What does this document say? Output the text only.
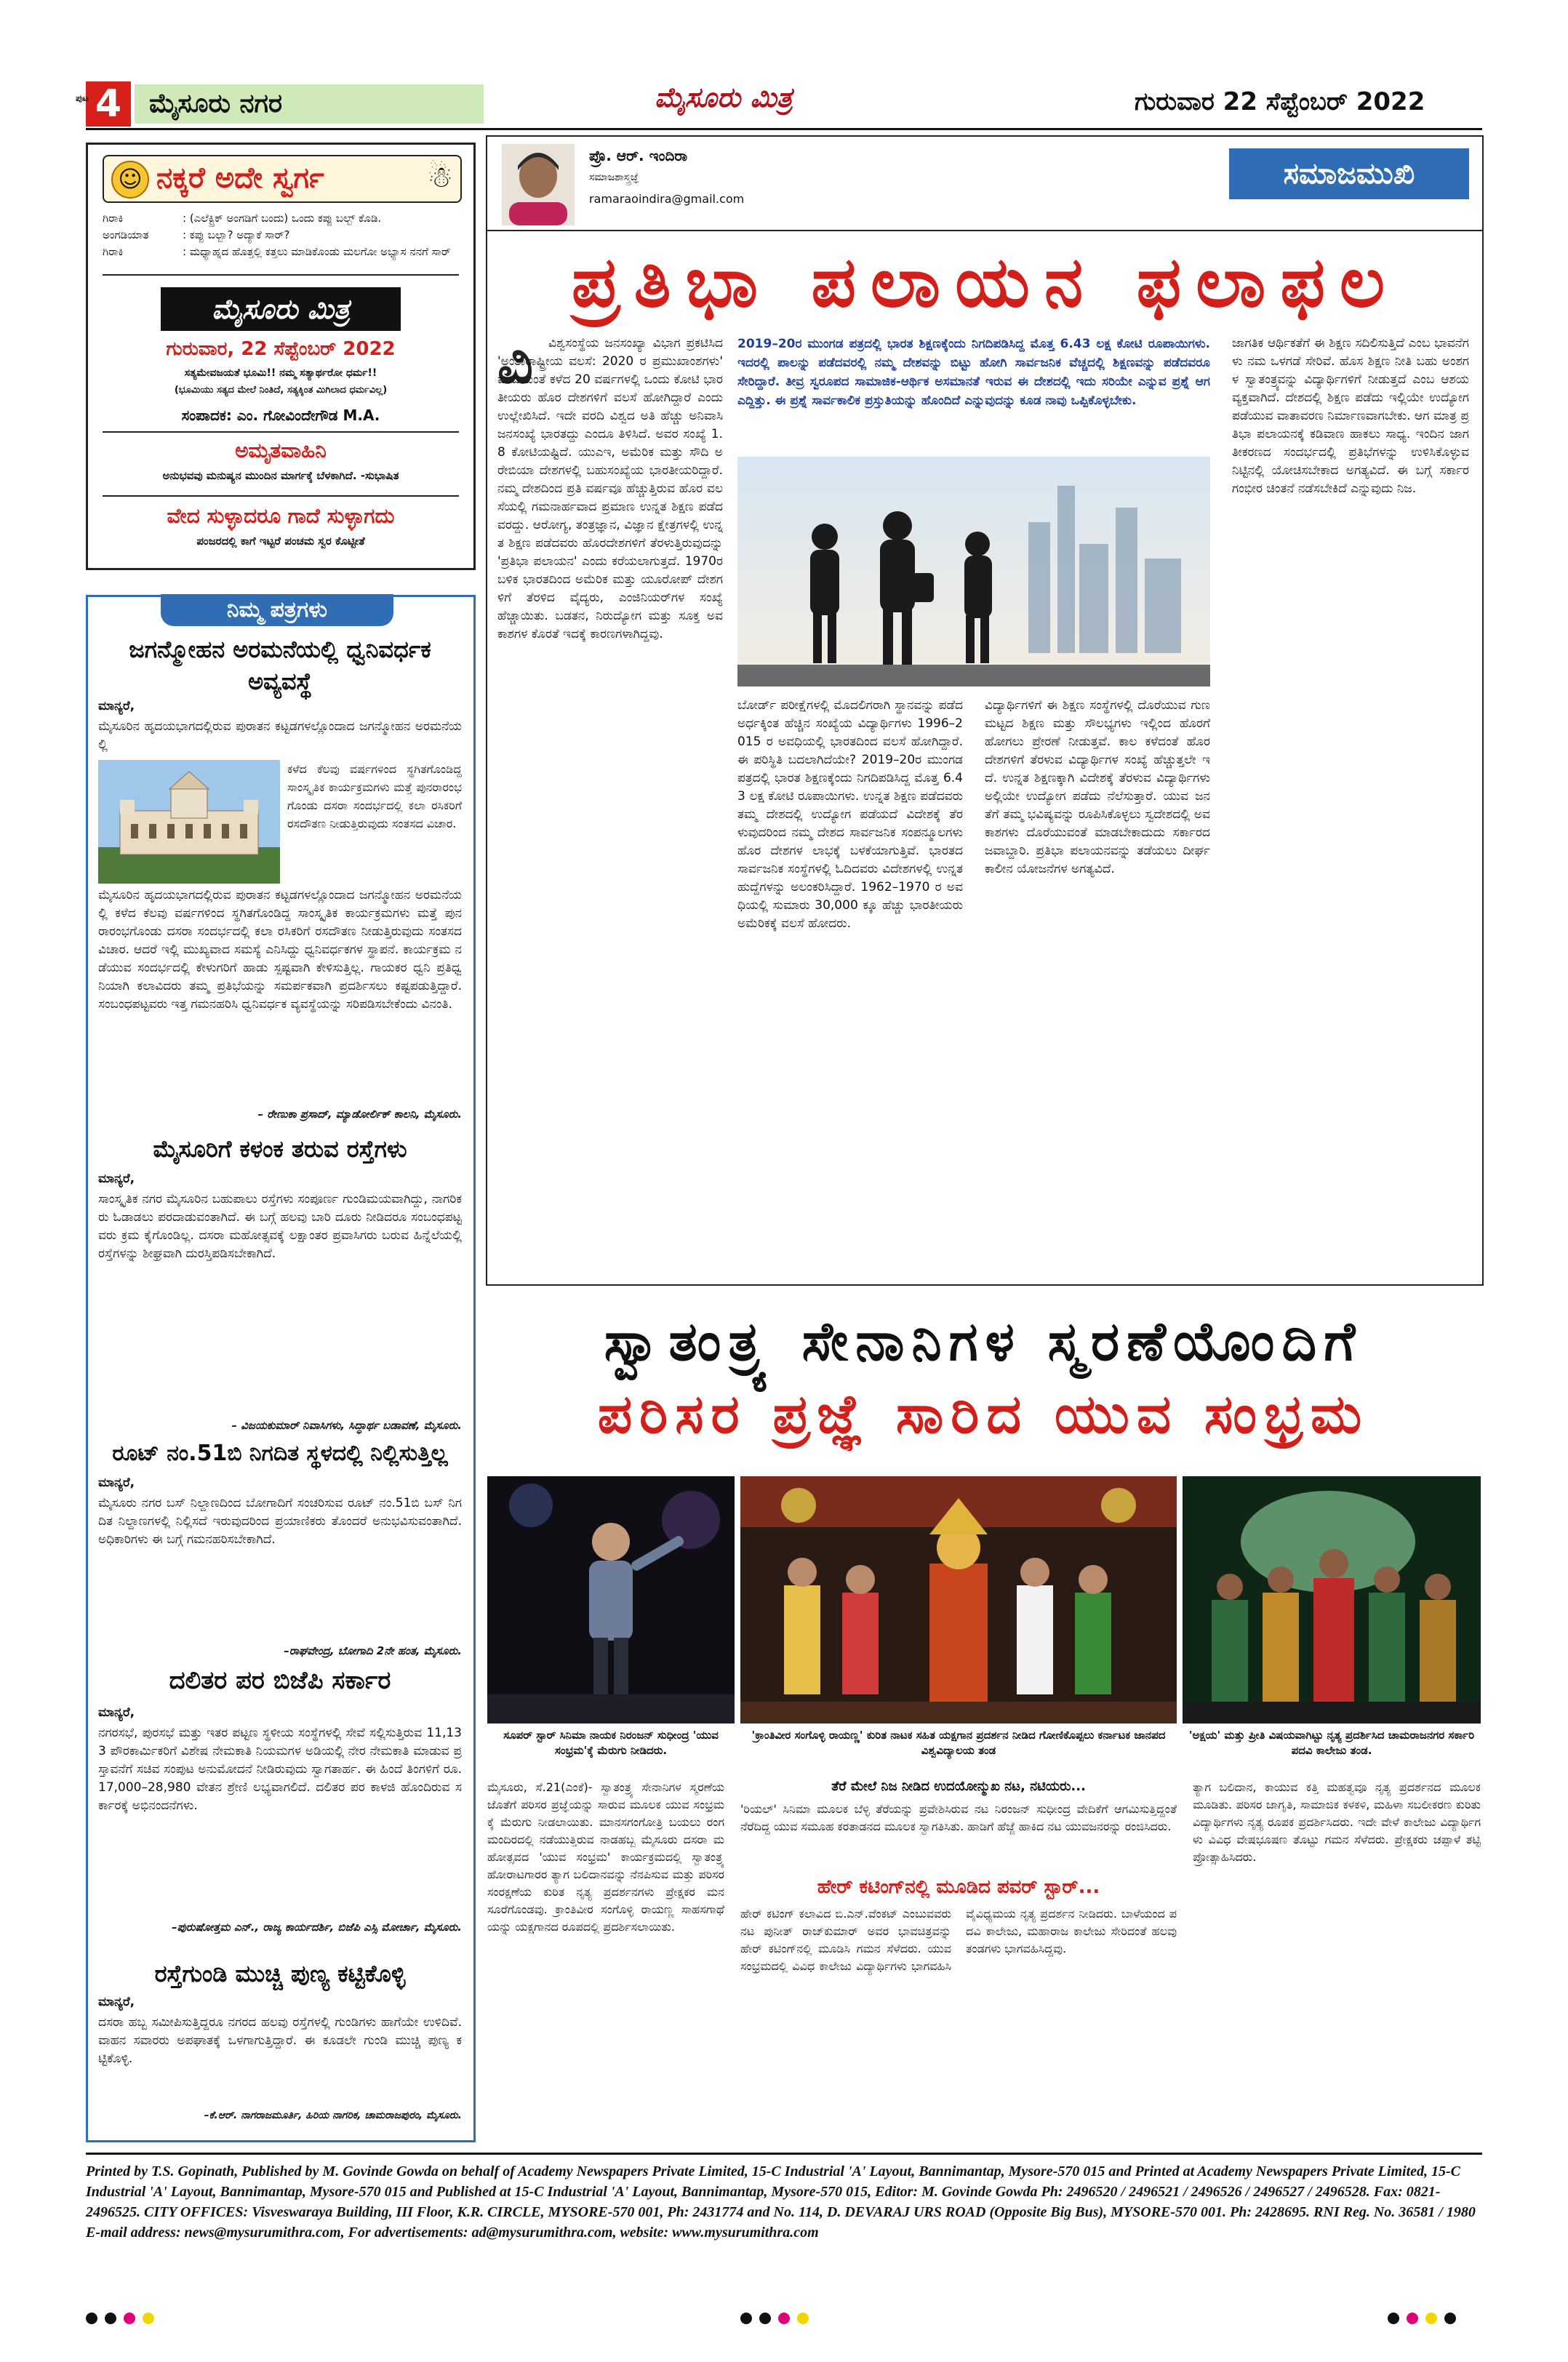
ಪುಟ 4	ಮೈಸೂರು ನಗರ	ಮೈಸೂರು ಮಿತ್ರ	ಗುರುವಾರ 22 ಸೆಪ್ಟೆಂಬರ್ 2022
☺ ನಕ್ಕರೆ ಅದೇ ಸ್ವರ್ಗ	☃
ಗಿರಾಕಿ	: (ಎಲೆಕ್ಟ್ರಿಕ್ ಅಂಗಡಿಗೆ ಬಂದು) ಒಂದು ಕಪ್ಪು ಬಲ್ಬ್ ಕೊಡಿ.
ಅಂಗಡಿಯಾತ	: ಕಪ್ಪು ಬಲ್ಬಾ? ಅದ್ಯಾಕೆ ಸಾರ್?
ಗಿರಾಕಿ	: ಮಧ್ಯಾಹ್ನದ ಹೊತ್ತಲ್ಲಿ ಕತ್ತಲು ಮಾಡಿಕೊಂಡು ಮಲಗೋ ಅಭ್ಯಾಸ ನನಗೆ ಸಾರ್
ಮೈಸೂರು ಮಿತ್ರ
ಗುರುವಾರ, 22 ಸೆಪ್ಟೆಂಬರ್ 2022
ಸತ್ಯಮೇವಜಯತೆ ಭೂಮಿ!! ನಮ್ಮ ಸತ್ಯಾರ್ಥರೋ ಧರ್ಮ!!
(ಭೂಮಿಯು ಸತ್ಯದ ಮೇಲೆ ನಿಂತಿದೆ, ಸತ್ಯಕ್ಕಿಂತ ಮಿಗಿಲಾದ ಧರ್ಮವಿಲ್ಲ)
ಸಂಪಾದಕ: ಎಂ. ಗೋವಿಂದೇಗೌಡ M.A.
ಅಮೃತವಾಹಿನಿ
ಅನುಭವವು ಮನುಷ್ಯನ ಮುಂದಿನ ಮಾರ್ಗಕ್ಕೆ ಬೆಳಕಾಗಿದೆ. -ಸುಭಾಷಿತ
ವೇದ ಸುಳ್ಳಾದರೂ ಗಾದೆ ಸುಳ್ಳಾಗದು
ಪಂಜರದಲ್ಲಿ ಕಾಗೆ ಇಟ್ಟರೆ ಪಂಚಮ ಸ್ವರ ಕೊಟ್ಟೀತೆ
ನಿಮ್ಮ ಪತ್ರಗಳು
ಜಗನ್ಮೋಹನ ಅರಮನೆಯಲ್ಲಿ ಧ್ವನಿವರ್ಧಕ ಅವ್ಯವಸ್ಥೆ
ಮಾನ್ಯರೆ,
ಮೈಸೂರಿನ ಹೃದಯಭಾಗದಲ್ಲಿರುವ ಪುರಾತನ ಕಟ್ಟಡಗಳಲ್ಲೊಂದಾದ ಜಗನ್ಮೋಹನ ಅರಮನೆಯಲ್ಲಿ
ಕಳೆದ ಕೆಲವು ವರ್ಷಗಳಿಂದ ಸ್ಥಗಿತಗೊಂಡಿದ್ದ ಸಾಂಸ್ಕೃತಿಕ ಕಾರ್ಯಕ್ರಮಗಳು ಮತ್ತೆ ಪುನರಾರಂಭಗೊಂಡು ದಸರಾ ಸಂದರ್ಭದಲ್ಲಿ ಕಲಾ ರಸಿಕರಿಗೆ ರಸದೌತಣ ನೀಡುತ್ತಿರುವುದು ಸಂತಸದ ವಿಚಾರ.
ಮೈಸೂರಿನ ಹೃದಯಭಾಗದಲ್ಲಿರುವ ಪುರಾತನ ಕಟ್ಟಡಗಳಲ್ಲೊಂದಾದ ಜಗನ್ಮೋಹನ ಅರಮನೆಯಲ್ಲಿ ಕಳೆದ ಕೆಲವು ವರ್ಷಗಳಿಂದ ಸ್ಥಗಿತಗೊಂಡಿದ್ದ ಸಾಂಸ್ಕೃತಿಕ ಕಾರ್ಯಕ್ರಮಗಳು ಮತ್ತೆ ಪುನರಾರಂಭಗೊಂಡು ದಸರಾ ಸಂದರ್ಭದಲ್ಲಿ ಕಲಾ ರಸಿಕರಿಗೆ ರಸದೌತಣ ನೀಡುತ್ತಿರುವುದು ಸಂತಸದ ವಿಚಾರ. ಆದರೆ ಇಲ್ಲಿ ಮುಖ್ಯವಾದ ಸಮಸ್ಯೆ ಎನಿಸಿದ್ದು ಧ್ವನಿವರ್ಧಕಗಳ ಸ್ಥಾಪನೆ. ಕಾರ್ಯಕ್ರಮ ನಡೆಯುವ ಸಂದರ್ಭದಲ್ಲಿ ಕೇಳುಗರಿಗೆ ಹಾಡು ಸ್ಪಷ್ಟವಾಗಿ ಕೇಳಿಸುತ್ತಿಲ್ಲ. ಗಾಯಕರ ಧ್ವನಿ ಪ್ರತಿಧ್ವನಿಯಾಗಿ ಕಲಾವಿದರು ತಮ್ಮ ಪ್ರತಿಭೆಯನ್ನು ಸಮರ್ಪಕವಾಗಿ ಪ್ರದರ್ಶಿಸಲು ಕಷ್ಟಪಡುತ್ತಿದ್ದಾರೆ. ಸಂಬಂಧಪಟ್ಟವರು ಇತ್ತ ಗಮನಹರಿಸಿ ಧ್ವನಿವರ್ಧಕ ವ್ಯವಸ್ಥೆಯನ್ನು ಸರಿಪಡಿಸಬೇಕೆಂದು ವಿನಂತಿ.
– ರೇಣುಕಾ ಪ್ರಸಾದ್, ಮ್ಯಾಡೋರ್ಲಿಕ್ ಕಾಲನಿ, ಮೈಸೂರು.
ಮೈಸೂರಿಗೆ ಕಳಂಕ ತರುವ ರಸ್ತೆಗಳು
ಮಾನ್ಯರೆ,
ಸಾಂಸ್ಕೃತಿಕ ನಗರ ಮೈಸೂರಿನ ಬಹುಪಾಲು ರಸ್ತೆಗಳು ಸಂಪೂರ್ಣ ಗುಂಡಿಮಯವಾಗಿದ್ದು, ನಾಗರಿಕರು ಓಡಾಡಲು ಪರದಾಡುವಂತಾಗಿದೆ. ಈ ಬಗ್ಗೆ ಹಲವು ಬಾರಿ ದೂರು ನೀಡಿದರೂ ಸಂಬಂಧಪಟ್ಟವರು ಕ್ರಮ ಕೈಗೊಂಡಿಲ್ಲ. ದಸರಾ ಮಹೋತ್ಸವಕ್ಕೆ ಲಕ್ಷಾಂತರ ಪ್ರವಾಸಿಗರು ಬರುವ ಹಿನ್ನೆಲೆಯಲ್ಲಿ ರಸ್ತೆಗಳನ್ನು ಶೀಘ್ರವಾಗಿ ದುರಸ್ತಿಪಡಿಸಬೇಕಾಗಿದೆ.
– ವಿಜಯಕುಮಾರ್ ನಿವಾಸಿಗಳು, ಸಿದ್ಧಾರ್ಥ ಬಡಾವಣೆ, ಮೈಸೂರು.
ರೂಟ್ ನಂ.51ಬಿ ನಿಗದಿತ ಸ್ಥಳದಲ್ಲಿ ನಿಲ್ಲಿಸುತ್ತಿಲ್ಲ
ಮಾನ್ಯರೆ,
ಮೈಸೂರು ನಗರ ಬಸ್ ನಿಲ್ದಾಣದಿಂದ ಬೋಗಾದಿಗೆ ಸಂಚರಿಸುವ ರೂಟ್ ನಂ.51ಬಿ ಬಸ್ ನಿಗದಿತ ನಿಲ್ದಾಣಗಳಲ್ಲಿ ನಿಲ್ಲಿಸದೆ ಇರುವುದರಿಂದ ಪ್ರಯಾಣಿಕರು ತೊಂದರೆ ಅನುಭವಿಸುವಂತಾಗಿದೆ. ಅಧಿಕಾರಿಗಳು ಈ ಬಗ್ಗೆ ಗಮನಹರಿಸಬೇಕಾಗಿದೆ.
–ರಾಘವೇಂದ್ರ, ಬೋಗಾದಿ 2ನೇ ಹಂತ, ಮೈಸೂರು.
ದಲಿತರ ಪರ ಬಿಜೆಪಿ ಸರ್ಕಾರ
ಮಾನ್ಯರೆ,
ನಗರಸಭೆ, ಪುರಸಭೆ ಮತ್ತು ಇತರ ಪಟ್ಟಣ ಸ್ಥಳೀಯ ಸಂಸ್ಥೆಗಳಲ್ಲಿ ಸೇವೆ ಸಲ್ಲಿಸುತ್ತಿರುವ 11,133 ಪೌರಕಾರ್ಮಿಕರಿಗೆ ವಿಶೇಷ ನೇಮಕಾತಿ ನಿಯಮಗಳ ಅಡಿಯಲ್ಲಿ ನೇರ ನೇಮಕಾತಿ ಮಾಡುವ ಪ್ರಸ್ತಾವನೆಗೆ ಸಚಿವ ಸಂಪುಟ ಅನುಮೋದನೆ ನೀಡಿರುವುದು ಸ್ವಾಗತಾರ್ಹ. ಈ ಹಿಂದೆ ತಿಂಗಳಿಗೆ ರೂ.17,000–28,980 ವೇತನ ಶ್ರೇಣಿ ಲಭ್ಯವಾಗಲಿದೆ. ದಲಿತರ ಪರ ಕಾಳಜಿ ಹೊಂದಿರುವ ಸರ್ಕಾರಕ್ಕೆ ಅಭಿನಂದನೆಗಳು.
–ಪುರುಷೋತ್ತಮ ಎನ್., ರಾಜ್ಯ ಕಾರ್ಯದರ್ಶಿ, ಬಿಜೆಪಿ ಎಸ್ಸಿ ಮೋರ್ಚಾ, ಮೈಸೂರು.
ರಸ್ತೆಗುಂಡಿ ಮುಚ್ಚಿ ಪುಣ್ಯ ಕಟ್ಟಿಕೊಳ್ಳಿ
ಮಾನ್ಯರೆ,
ದಸರಾ ಹಬ್ಬ ಸಮೀಪಿಸುತ್ತಿದ್ದರೂ ನಗರದ ಹಲವು ರಸ್ತೆಗಳಲ್ಲಿ ಗುಂಡಿಗಳು ಹಾಗೆಯೇ ಉಳಿದಿವೆ. ವಾಹನ ಸವಾರರು ಅಪಘಾತಕ್ಕೆ ಒಳಗಾಗುತ್ತಿದ್ದಾರೆ. ಈ ಕೂಡಲೇ ಗುಂಡಿ ಮುಚ್ಚಿ ಪುಣ್ಯ ಕಟ್ಟಿಕೊಳ್ಳಿ.
–ಕೆ.ಆರ್. ನಾಗರಾಜಮೂರ್ತಿ, ಹಿರಿಯ ನಾಗರಿಕ, ಚಾಮರಾಜಪುರಂ, ಮೈಸೂರು.
ಪ್ರೊ. ಆರ್. ಇಂದಿರಾ
ಸಮಾಜಶಾಸ್ತ್ರಜ್ಞೆ
ramaraoindira@gmail.com
ಸಮಾಜಮುಖಿ
ಪ್ರತಿಭಾ ಪಲಾಯನ ಫಲಾಫಲ
ವಿ	ವಿಶ್ವಸಂಸ್ಥೆಯ ಜನಸಂಖ್ಯಾ ವಿಭಾಗ ಪ್ರಕಟಿಸಿದ 'ಅಂತಾರಾಷ್ಟ್ರೀಯ ವಲಸೆ: 2020 ರ ಪ್ರಮುಖಾಂಶಗಳು' ವರದಿಯಂತೆ ಕಳೆದ 20 ವರ್ಷಗಳಲ್ಲಿ ಒಂದು ಕೋಟಿ ಭಾರತೀಯರು ಹೊರ ದೇಶಗಳಿಗೆ ವಲಸೆ ಹೋಗಿದ್ದಾರೆ ಎಂದು ಉಲ್ಲೇಖಿಸಿದೆ. ಇದೇ ವರದಿ ವಿಶ್ವದ ಅತಿ ಹೆಚ್ಚು ಅನಿವಾಸಿ ಜನಸಂಖ್ಯೆ ಭಾರತದ್ದು ಎಂದೂ ತಿಳಿಸಿದೆ. ಅವರ ಸಂಖ್ಯೆ 1.8 ಕೋಟಿಯಷ್ಟಿದೆ. ಯುಎಇ, ಅಮೆರಿಕ ಮತ್ತು ಸೌದಿ ಅರೇಬಿಯಾ ದೇಶಗಳಲ್ಲಿ ಬಹುಸಂಖ್ಯೆಯ ಭಾರತೀಯರಿದ್ದಾರೆ. ನಮ್ಮ ದೇಶದಿಂದ ಪ್ರತಿ ವರ್ಷವೂ ಹೆಚ್ಚುತ್ತಿರುವ ಹೊರ ವಲಸೆಯಲ್ಲಿ ಗಮನಾರ್ಹವಾದ ಪ್ರಮಾಣ ಉನ್ನತ ಶಿಕ್ಷಣ ಪಡೆದವರದ್ದು. ಆರೋಗ್ಯ, ತಂತ್ರಜ್ಞಾನ, ವಿಜ್ಞಾನ ಕ್ಷೇತ್ರಗಳಲ್ಲಿ ಉನ್ನತ ಶಿಕ್ಷಣ ಪಡೆದವರು ಹೊರದೇಶಗಳಿಗೆ ತೆರಳುತ್ತಿರುವುದನ್ನು 'ಪ್ರತಿಭಾ ಪಲಾಯನ' ಎಂದು ಕರೆಯಲಾಗುತ್ತದೆ. 1970ರ ಬಳಿಕ ಭಾರತದಿಂದ ಅಮೆರಿಕ ಮತ್ತು ಯೂರೋಪ್ ದೇಶಗಳಿಗೆ ತೆರಳಿದ ವೈದ್ಯರು, ಎಂಜಿನಿಯರ್‌ಗಳ ಸಂಖ್ಯೆ ಹೆಚ್ಚಾಯಿತು. ಬಡತನ, ನಿರುದ್ಯೋಗ ಮತ್ತು ಸೂಕ್ತ ಅವಕಾಶಗಳ ಕೊರತೆ ಇದಕ್ಕೆ ಕಾರಣಗಳಾಗಿದ್ದವು.
2019–20ರ ಮುಂಗಡ ಪತ್ರದಲ್ಲಿ ಭಾರತ ಶಿಕ್ಷಣಕ್ಕೆಂದು ನಿಗದಿಪಡಿಸಿದ್ದ ಮೊತ್ತ 6.43 ಲಕ್ಷ ಕೋಟಿ ರೂಪಾಯಿಗಳು. ಇದರಲ್ಲಿ ಪಾಲನ್ನು ಪಡೆದವರಲ್ಲಿ ನಮ್ಮ ದೇಶವನ್ನು ಬಿಟ್ಟು ಹೋಗಿ ಸಾರ್ವಜನಿಕ ವೆಚ್ಚದಲ್ಲಿ ಶಿಕ್ಷಣವನ್ನು ಪಡೆದವರೂ ಸೇರಿದ್ದಾರೆ. ತೀವ್ರ ಸ್ವರೂಪದ ಸಾಮಾಜಿಕ-ಆರ್ಥಿಕ ಅಸಮಾನತೆ ಇರುವ ಈ ದೇಶದಲ್ಲಿ ಇದು ಸರಿಯೇ ಎನ್ನುವ ಪ್ರಶ್ನೆ ಆಗ ಎದ್ದಿತ್ತು. ಈ ಪ್ರಶ್ನೆ ಸಾರ್ವಕಾಲಿಕ ಪ್ರಸ್ತುತಿಯನ್ನು ಹೊಂದಿದೆ ಎನ್ನುವುದನ್ನು ಕೂಡ ನಾವು ಒಪ್ಪಿಕೊಳ್ಳಬೇಕು.
ಬೋರ್ಡ್ ಪರೀಕ್ಷೆಗಳಲ್ಲಿ ಮೊದಲಿಗರಾಗಿ ಸ್ಥಾನವನ್ನು ಪಡೆದ ಅರ್ಧಕ್ಕಿಂತ ಹೆಚ್ಚಿನ ಸಂಖ್ಯೆಯ ವಿದ್ಯಾರ್ಥಿಗಳು 1996–2015 ರ ಅವಧಿಯಲ್ಲಿ ಭಾರತದಿಂದ ವಲಸೆ ಹೋಗಿದ್ದಾರೆ. ಈ ಪರಿಸ್ಥಿತಿ ಬದಲಾಗಿದೆಯೇ? 2019–20ರ ಮುಂಗಡಪತ್ರದಲ್ಲಿ ಭಾರತ ಶಿಕ್ಷಣಕ್ಕೆಂದು ನಿಗದಿಪಡಿಸಿದ್ದ ಮೊತ್ತ 6.43 ಲಕ್ಷ ಕೋಟಿ ರೂಪಾಯಿಗಳು. ಉನ್ನತ ಶಿಕ್ಷಣ ಪಡೆದವರು ತಮ್ಮ ದೇಶದಲ್ಲಿ ಉದ್ಯೋಗ ಪಡೆಯದೆ ವಿದೇಶಕ್ಕೆ ತೆರಳುವುದರಿಂದ ನಮ್ಮ ದೇಶದ ಸಾರ್ವಜನಿಕ ಸಂಪನ್ಮೂಲಗಳು ಹೊರ ದೇಶಗಳ ಲಾಭಕ್ಕೆ ಬಳಕೆಯಾಗುತ್ತಿವೆ. ಭಾರತದ ಸಾರ್ವಜನಿಕ ಸಂಸ್ಥೆಗಳಲ್ಲಿ ಓದಿದವರು ವಿದೇಶಗಳಲ್ಲಿ ಉನ್ನತ ಹುದ್ದೆಗಳನ್ನು ಅಲಂಕರಿಸಿದ್ದಾರೆ. 1962–1970 ರ ಅವಧಿಯಲ್ಲಿ ಸುಮಾರು 30,000 ಕ್ಕೂ ಹೆಚ್ಚು ಭಾರತೀಯರು ಅಮೆರಿಕಕ್ಕೆ ವಲಸೆ ಹೋದರು.
ವಿದ್ಯಾರ್ಥಿಗಳಿಗೆ ಈ ಶಿಕ್ಷಣ ಸಂಸ್ಥೆಗಳಲ್ಲಿ ದೊರೆಯುವ ಗುಣಮಟ್ಟದ ಶಿಕ್ಷಣ ಮತ್ತು ಸೌಲಭ್ಯಗಳು ಇಲ್ಲಿಂದ ಹೊರಗೆ ಹೋಗಲು ಪ್ರೇರಣೆ ನೀಡುತ್ತವೆ. ಕಾಲ ಕಳೆದಂತೆ ಹೊರ ದೇಶಗಳಿಗೆ ತೆರಳುವ ವಿದ್ಯಾರ್ಥಿಗಳ ಸಂಖ್ಯೆ ಹೆಚ್ಚುತ್ತಲೇ ಇದೆ. ಉನ್ನತ ಶಿಕ್ಷಣಕ್ಕಾಗಿ ವಿದೇಶಕ್ಕೆ ತೆರಳುವ ವಿದ್ಯಾರ್ಥಿಗಳು ಅಲ್ಲಿಯೇ ಉದ್ಯೋಗ ಪಡೆದು ನೆಲೆಸುತ್ತಾರೆ. ಯುವ ಜನತೆಗೆ ತಮ್ಮ ಭವಿಷ್ಯವನ್ನು ರೂಪಿಸಿಕೊಳ್ಳಲು ಸ್ವದೇಶದಲ್ಲಿ ಅವಕಾಶಗಳು ದೊರೆಯುವಂತೆ ಮಾಡಬೇಕಾದುದು ಸರ್ಕಾರದ ಜವಾಬ್ದಾರಿ. ಪ್ರತಿಭಾ ಪಲಾಯನವನ್ನು ತಡೆಯಲು ದೀರ್ಘಕಾಲೀನ ಯೋಜನೆಗಳ ಅಗತ್ಯವಿದೆ.
ಜಾಗತಿಕ ಆರ್ಥಿಕತೆಗೆ ಈ ಶಿಕ್ಷಣ ಸದಿಲಿಸುತ್ತಿದೆ ಎಂಬ ಭಾವನೆಗಳು ನಮ ಒಳಗಡೆ ಸೇರಿವೆ. ಹೊಸ ಶಿಕ್ಷಣ ನೀತಿ ಬಹು ಅಂಶಗಳ ಸ್ವಾತಂತ್ರ್ಯವನ್ನು ವಿದ್ಯಾರ್ಥಿಗಳಿಗೆ ನೀಡುತ್ತದೆ ಎಂಬ ಆಶಯ ವ್ಯಕ್ತವಾಗಿದೆ. ದೇಶದಲ್ಲಿ ಶಿಕ್ಷಣ ಪಡೆದು ಇಲ್ಲಿಯೇ ಉದ್ಯೋಗ ಪಡೆಯುವ ವಾತಾವರಣ ನಿರ್ಮಾಣವಾಗಬೇಕು. ಆಗ ಮಾತ್ರ ಪ್ರತಿಭಾ ಪಲಾಯನಕ್ಕೆ ಕಡಿವಾಣ ಹಾಕಲು ಸಾಧ್ಯ. ಇಂದಿನ ಜಾಗತೀಕರಣದ ಸಂದರ್ಭದಲ್ಲಿ ಪ್ರತಿಭೆಗಳನ್ನು ಉಳಿಸಿಕೊಳ್ಳುವ ನಿಟ್ಟಿನಲ್ಲಿ ಯೋಚಿಸಬೇಕಾದ ಅಗತ್ಯವಿದೆ. ಈ ಬಗ್ಗೆ ಸರ್ಕಾರ ಗಂಭೀರ ಚಿಂತನೆ ನಡೆಸಬೇಕಿದೆ ಎನ್ನುವುದು ನಿಜ.
ಸ್ವಾತಂತ್ರ್ಯ ಸೇನಾನಿಗಳ ಸ್ಮರಣೆಯೊಂದಿಗೆ
ಪರಿಸರ ಪ್ರಜ್ಞೆ ಸಾರಿದ ಯುವ ಸಂಭ್ರಮ
ಸೂಪರ್ ಸ್ಟಾರ್ ಸಿನಿಮಾ ನಾಯಕ ನಿರಂಜನ್ ಸುಧೀಂದ್ರ 'ಯುವ ಸಂಭ್ರಮ'ಕ್ಕೆ ಮೆರುಗು ನೀಡಿದರು.
'ಕ್ರಾಂತಿವೀರ ಸಂಗೊಳ್ಳಿ ರಾಯಣ್ಣ' ಕುರಿತ ನಾಟಕ ಸಹಿತ ಯಕ್ಷಗಾನ ಪ್ರದರ್ಶನ ನೀಡಿದ ಗೋಣಿಕೊಪ್ಪಲು ಕರ್ನಾಟಕ ಜಾನಪದ ವಿಶ್ವವಿದ್ಯಾಲಯ ತಂಡ
'ಅಕ್ಷಯ' ಮತ್ತು ಪ್ರೀತಿ ವಿಷಯವಾಗಿಟ್ಟು ನೃತ್ಯ ಪ್ರದರ್ಶಿಸಿದ ಚಾಮರಾಜನಗರ ಸರ್ಕಾರಿ ಪದವಿ ಕಾಲೇಜು ತಂಡ.
ಮೈಸೂರು, ಸೆ.21(ಎಂಕೆ)- ಸ್ವಾತಂತ್ರ್ಯ ಸೇನಾನಿಗಳ ಸ್ಮರಣೆಯ ಜೊತೆಗೆ ಪರಿಸರ ಪ್ರಜ್ಞೆಯನ್ನು ಸಾರುವ ಮೂಲಕ ಯುವ ಸಂಭ್ರಮಕ್ಕೆ ಮೆರುಗು ನೀಡಲಾಯಿತು. ಮಾನಸಗಂಗೋತ್ರಿ ಬಯಲು ರಂಗಮಂದಿರದಲ್ಲಿ ನಡೆಯುತ್ತಿರುವ ನಾಡಹಬ್ಬ ಮೈಸೂರು ದಸರಾ ಮಹೋತ್ಸವದ 'ಯುವ ಸಂಭ್ರಮ' ಕಾರ್ಯಕ್ರಮದಲ್ಲಿ ಸ್ವಾತಂತ್ರ್ಯ ಹೋರಾಟಗಾರರ ತ್ಯಾಗ ಬಲಿದಾನವನ್ನು ನೆನಪಿಸುವ ಮತ್ತು ಪರಿಸರ ಸಂರಕ್ಷಣೆಯ ಕುರಿತ ನೃತ್ಯ ಪ್ರದರ್ಶನಗಳು ಪ್ರೇಕ್ಷಕರ ಮನಸೂರೆಗೊಂಡವು. ಕ್ರಾಂತಿವೀರ ಸಂಗೊಳ್ಳಿ ರಾಯಣ್ಣ ಸಾಹಸಗಾಥೆ ಯನ್ನು ಯಕ್ಷಗಾನದ ರೂಪದಲ್ಲಿ ಪ್ರದರ್ಶಿಸಲಾಯಿತು.
ತೆರೆ ಮೇಲೆ ನಿಜ ನೀಡಿದ ಉದಯೋನ್ಮುಖ ನಟ, ನಟಿಯರು...
'ರಿಯಲ್' ಸಿನಿಮಾ ಮೂಲಕ ಬೆಳ್ಳಿ ತೆರೆಯನ್ನು ಪ್ರವೇಶಿಸಿರುವ ನಟ ನಿರಂಜನ್ ಸುಧೀಂದ್ರ ವೇದಿಕೆಗೆ ಆಗಮಿಸುತ್ತಿದ್ದಂತೆ ನೆರೆದಿದ್ದ ಯುವ ಸಮೂಹ ಕರತಾಡನದ ಮೂಲಕ ಸ್ವಾಗತಿಸಿತು. ಹಾಡಿಗೆ ಹೆಜ್ಜೆ ಹಾಕಿದ ನಟ ಯುವಜನರನ್ನು ರಂಜಿಸಿದರು.
ಹೇರ್ ಕಟಿಂಗ್‌ನಲ್ಲಿ ಮೂಡಿದ ಪವರ್ ಸ್ಟಾರ್...
ಹೇರ್ ಕಟಿಂಗ್ ಕಲಾವಿದ ಬಿ.ಎನ್.ವೆಂಕಟ್ ಎಂಬುವವರು ನಟ ಪುನೀತ್ ರಾಜ್‌ಕುಮಾರ್ ಅವರ ಭಾವಚಿತ್ರವನ್ನು ಹೇರ್ ಕಟಿಂಗ್‌ನಲ್ಲಿ ಮೂಡಿಸಿ ಗಮನ ಸೆಳೆದರು. ಯುವ ಸಂಭ್ರಮದಲ್ಲಿ ವಿವಿಧ ಕಾಲೇಜು ವಿದ್ಯಾರ್ಥಿಗಳು ಭಾಗವಹಿಸಿ ವೈವಿಧ್ಯಮಯ ನೃತ್ಯ ಪ್ರದರ್ಶನ ನೀಡಿದರು. ಬಾಳೆಯಂದ ಪದವಿ ಕಾಲೇಜು, ಮಹಾರಾಜ ಕಾಲೇಜು ಸೇರಿದಂತೆ ಹಲವು ತಂಡಗಳು ಭಾಗವಹಿಸಿದ್ದವು.
ತ್ಯಾಗ ಬಲಿದಾನ, ಕಾಯುವ ಕತ್ತಿ ಮಹತ್ವವೂ ನೃತ್ಯ ಪ್ರದರ್ಶನದ ಮೂಲಕ ಮೂಡಿತು. ಪರಿಸರ ಜಾಗೃತಿ, ಸಾಮಾಜಿಕ ಕಳಕಳಿ, ಮಹಿಳಾ ಸಬಲೀಕರಣ ಕುರಿತು ವಿದ್ಯಾರ್ಥಿಗಳು ನೃತ್ಯ ರೂಪಕ ಪ್ರದರ್ಶಿಸಿದರು. ಇದೇ ವೇಳೆ ಕಾಲೇಜು ವಿದ್ಯಾರ್ಥಿಗಳು ವಿವಿಧ ವೇಷಭೂಷಣ ತೊಟ್ಟು ಗಮನ ಸೆಳೆದರು. ಪ್ರೇಕ್ಷಕರು ಚಪ್ಪಾಳೆ ತಟ್ಟಿ ಪ್ರೋತ್ಸಾಹಿಸಿದರು.
Printed by T.S. Gopinath, Published by M. Govinde Gowda on behalf of Academy Newspapers Private Limited, 15-C Industrial 'A' Layout, Bannimantap, Mysore-570 015 and Printed at Academy Newspapers Private Limited, 15-C Industrial 'A' Layout, Bannimantap, Mysore-570 015 and Published at 15-C Industrial 'A' Layout, Bannimantap, Mysore-570 015, Editor: M. Govinde Gowda Ph: 2496520 / 2496521 / 2496526 / 2496527 / 2496528. Fax: 0821-2496525. CITY OFFICES: Visveswaraya Building, III Floor, K.R. CIRCLE, MYSORE-570 001, Ph: 2431774 and No. 114, D. DEVARAJ URS ROAD (Opposite Big Bus), MYSORE-570 001. Ph: 2428695. RNI Reg. No. 36581 / 1980 E-mail address: news@mysurumithra.com, For advertisements: ad@mysurumithra.com, website: www.mysurumithra.com
